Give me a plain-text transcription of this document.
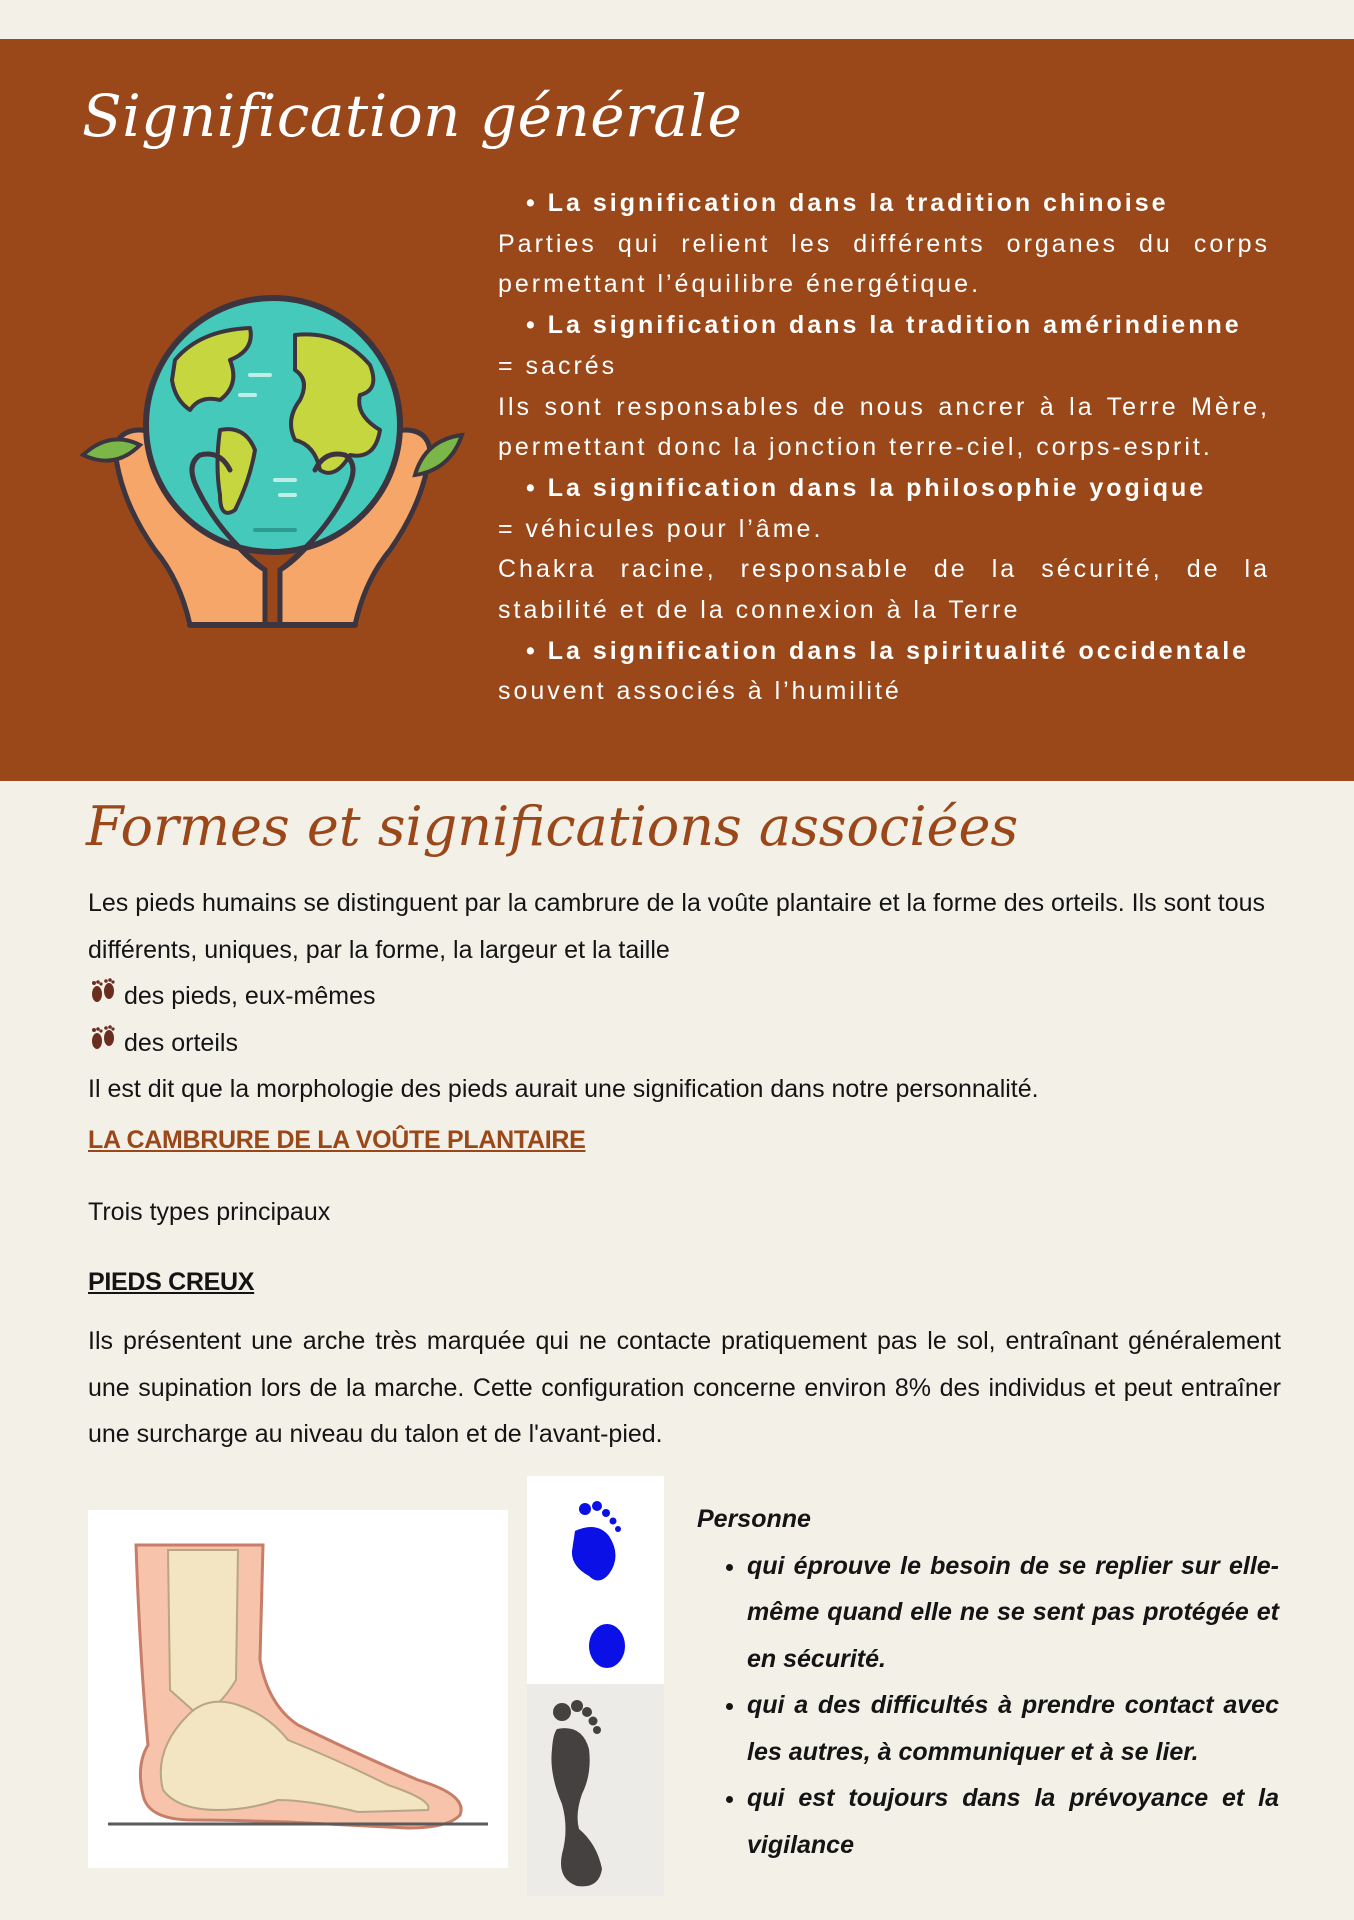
Signification générale
• La signification dans la tradition chinoise
Parties qui relient les différents organes du corps permettant l’équilibre énergétique.
• La signification dans la tradition amérindienne
= sacrés
Ils sont responsables de nous ancrer à la Terre Mère, permettant donc la jonction terre-ciel, corps-esprit.
• La signification dans la philosophie yogique
= véhicules pour l’âme.
Chakra racine, responsable de la sécurité, de la stabilité et de la connexion à la Terre
• La signification dans la spiritualité occidentale
souvent associés à l’humilité
Formes et significations associées

Les pieds humains se distinguent par la cambrure de la voûte plantaire et la forme des orteils. Ils sont tous différents, uniques, par la forme, la largeur et la taille

des pieds, eux-mêmes

des orteils

Il est dit que la morphologie des pieds aurait une signification dans notre personnalité.

LA CAMBRURE DE LA VOÛTE PLANTAIRE

Trois types principaux

PIEDS CREUX

Ils présentent une arche très marquée qui ne contacte pratiquement pas le sol, entraînant généralement une supination lors de la marche. Cette configuration concerne environ 8% des individus et peut entraîner une surcharge au niveau du talon et de l'avant-pied.

Personne

• qui éprouve le besoin de se replier sur elle-même quand elle ne se sent pas protégée et en sécurité.
• qui a des difficultés à prendre contact avec les autres, à communiquer et à se lier.
• qui est toujours dans la prévoyance et la vigilance
